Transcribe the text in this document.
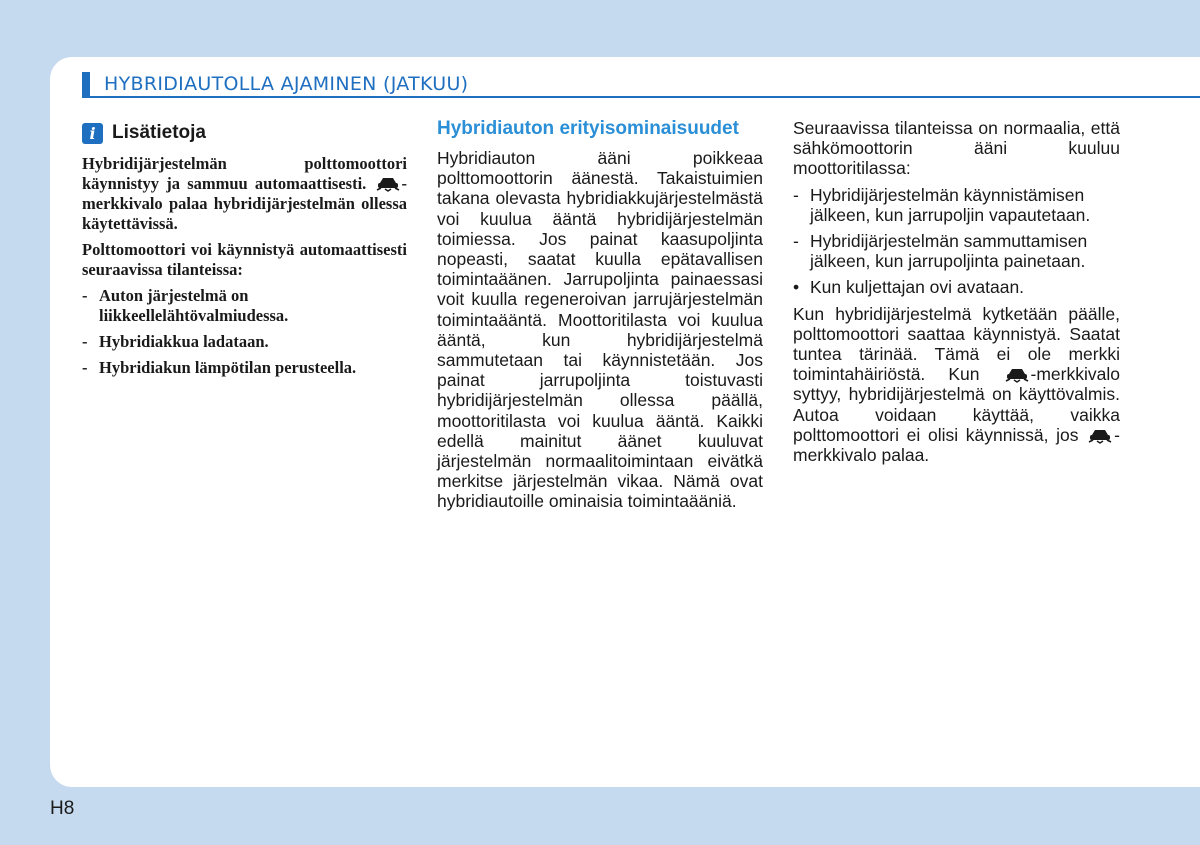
HYBRIDIAUTOLLA AJAMINEN (JATKUU)
i Lisätietoja

Hybridijärjestelmän polttomoottori käynnistyy ja sammuu automaattisesti. -merkkivalo palaa hybridijärjestelmän ollessa käytettävissä.

Polttomoottori voi käynnistyä automaattisesti seuraavissa tilanteissa:

- Auton järjestelmä on liikkeellelähtövalmiudessa.
- Hybridiakkua ladataan.
- Hybridiakun lämpötilan perusteella.
Hybridiauton erityisominaisuudet

Hybridiauton ääni poikkeaa polttomoottorin äänestä. Takaistuimien takana olevasta hybridiakkujärjestelmästä voi kuulua ääntä hybridijärjestelmän toimiessa. Jos painat kaasupoljinta nopeasti, saatat kuulla epätavallisen toimintaäänen. Jarrupoljinta painaessasi voit kuulla regeneroivan jarrujärjestelmän toimintaääntä. Moottoritilasta voi kuulua ääntä, kun hybridijärjestelmä sammutetaan tai käynnistetään. Jos painat jarrupoljinta toistuvasti hybridijärjestelmän ollessa päällä, moottoritilasta voi kuulua ääntä. Kaikki edellä mainitut äänet kuuluvat järjestelmän normaalitoimintaan eivätkä merkitse järjestelmän vikaa. Nämä ovat hybridiautoille ominaisia toimintaääniä.

Seuraavissa tilanteissa on normaalia, että sähkömoottorin ääni kuuluu moottoritilassa:

- Hybridijärjestelmän käynnistämisen jälkeen, kun jarrupoljin vapautetaan.
- Hybridijärjestelmän sammuttamisen jälkeen, kun jarrupoljinta painetaan.
• Kun kuljettajan ovi avataan.

Kun hybridijärjestelmä kytketään päälle, polttomoottori saattaa käynnistyä. Saatat tuntea tärinää. Tämä ei ole merkki toimintahäiriöstä. Kun	-merkkivalo syttyy, hybridijärjestelmä on käyttövalmis. Autoa voidaan käyttää, vaikka polttomoottori ei olisi käynnissä, jos -merkkivalo palaa.

H8
